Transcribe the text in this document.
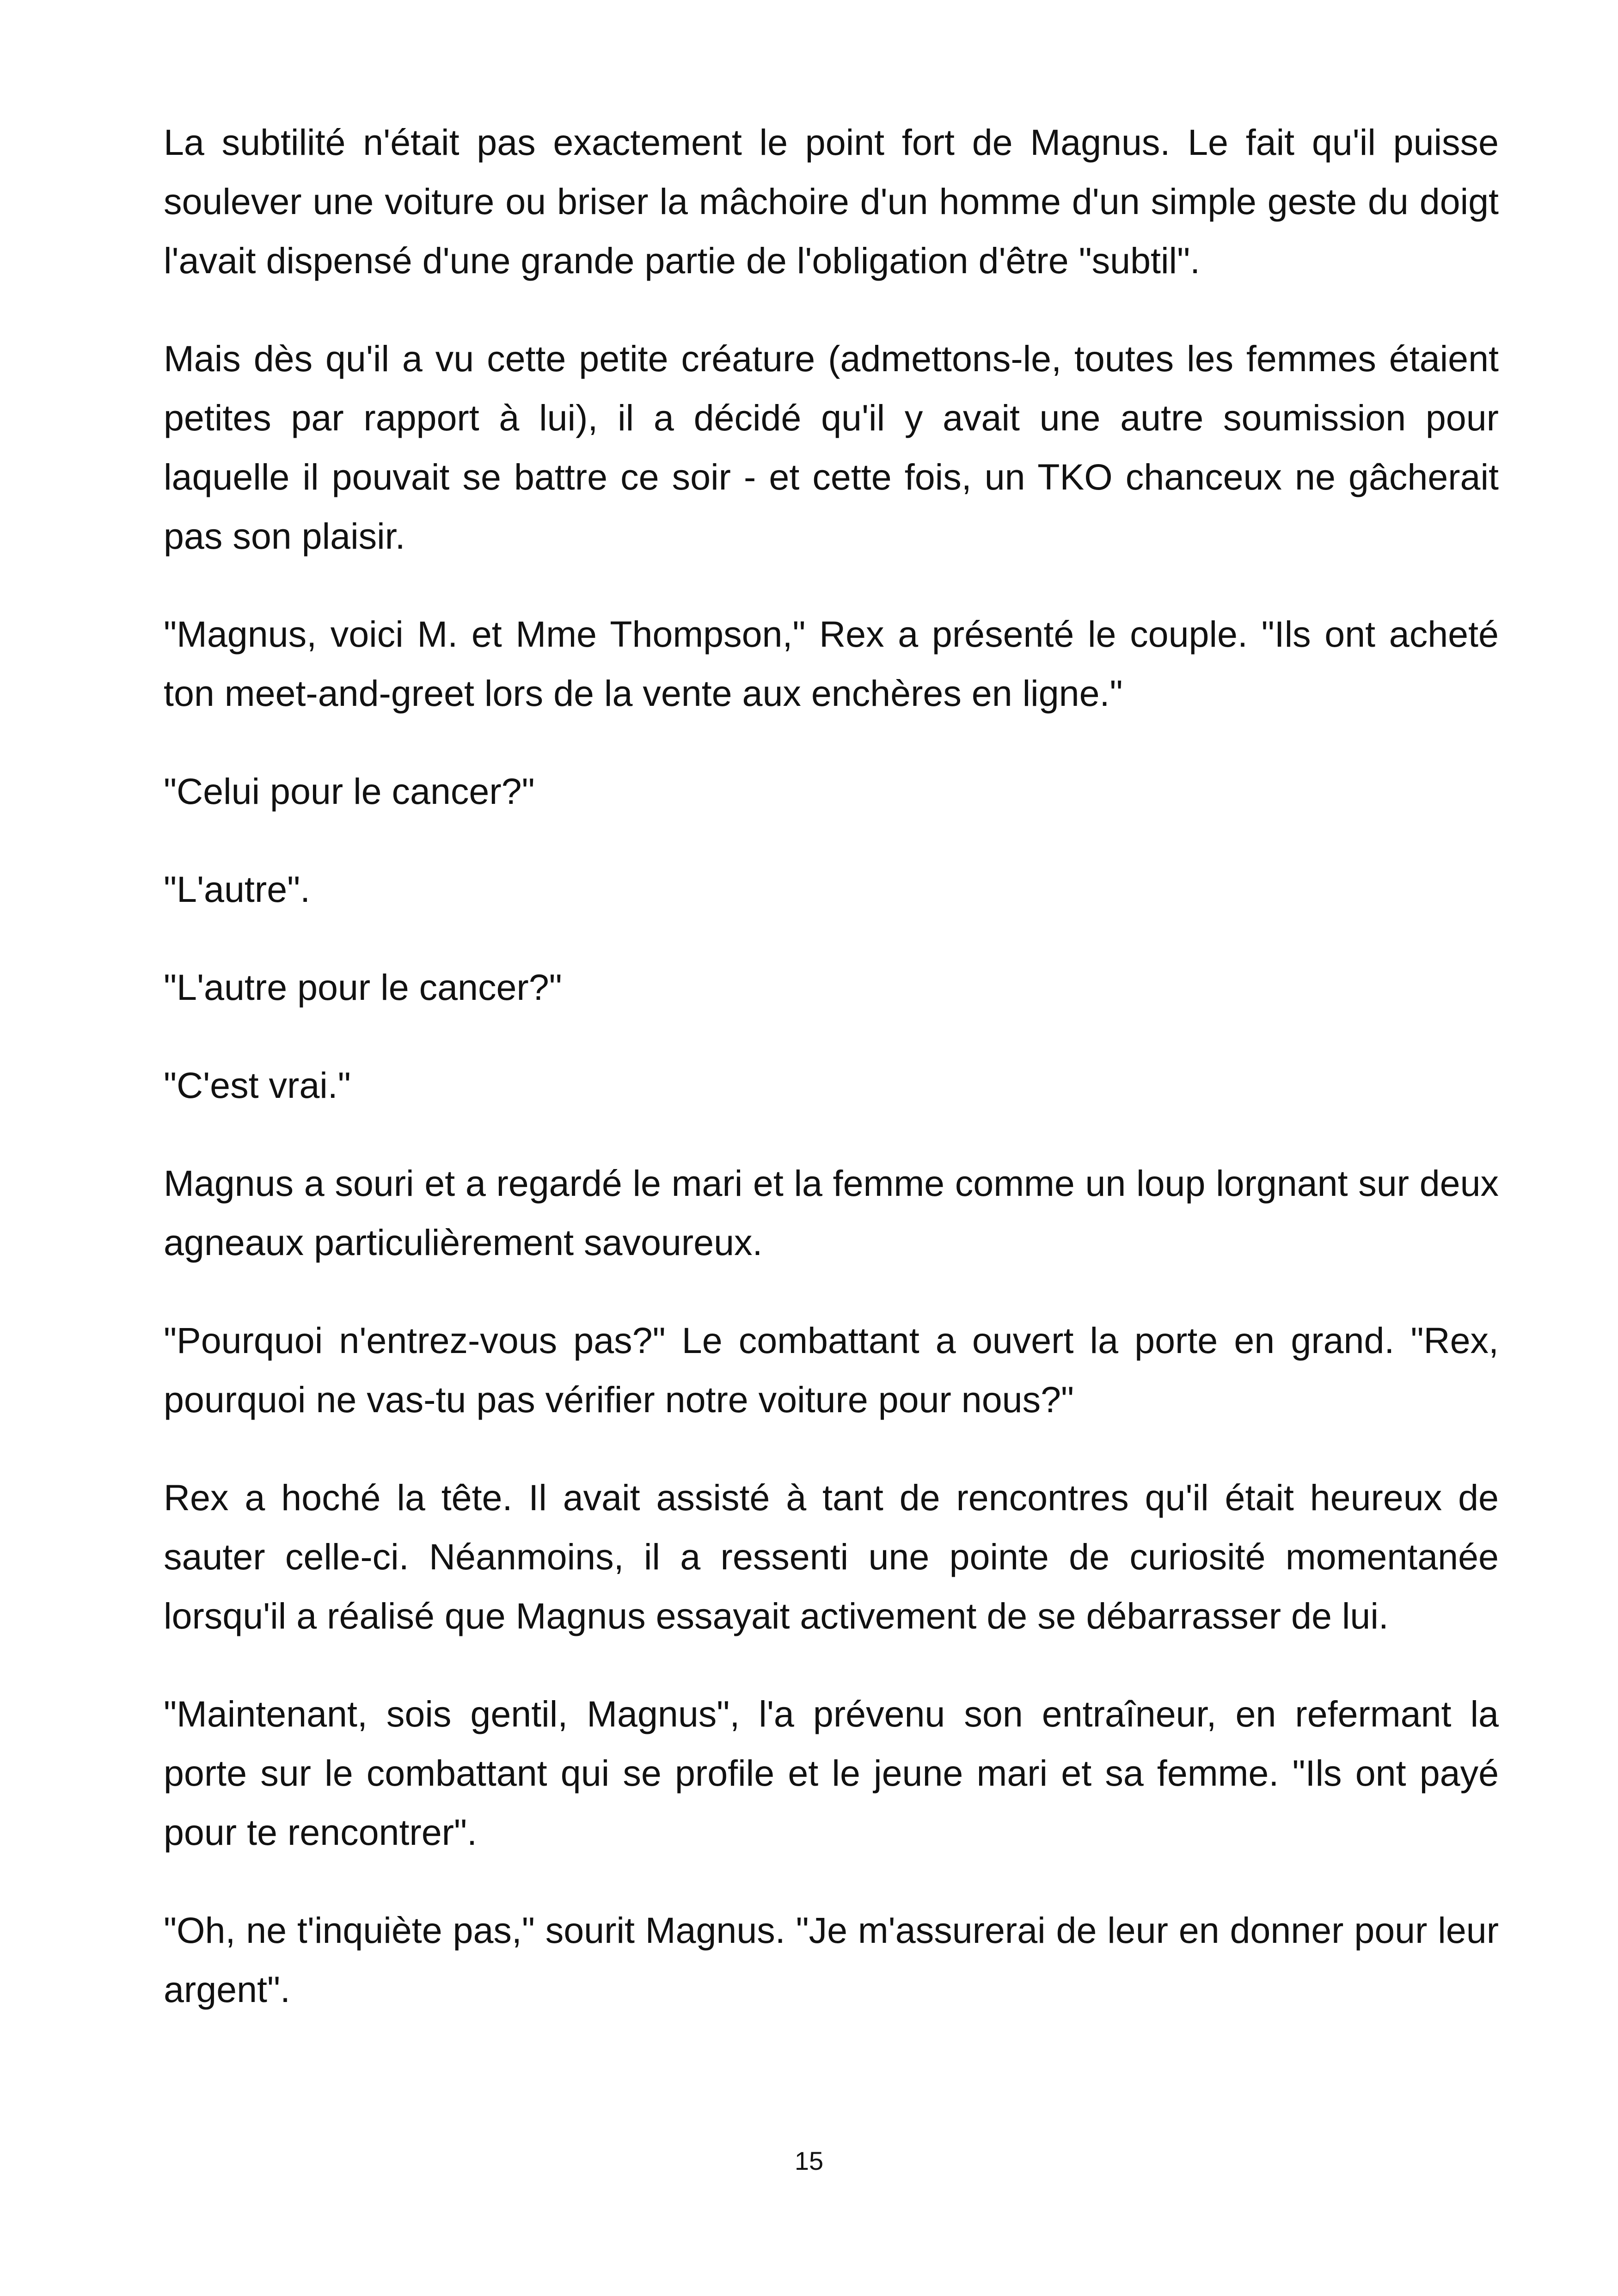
La subtilité n'était pas exactement le point fort de Magnus. Le fait qu'il puisse soulever une voiture ou briser la mâchoire d'un homme d'un simple geste du doigt l'avait dispensé d'une grande partie de l'obligation d'être "subtil".

Mais dès qu'il a vu cette petite créature (admettons-le, toutes les femmes étaient petites par rapport à lui), il a décidé qu'il y avait une autre soumission pour laquelle il pouvait se battre ce soir - et cette fois, un TKO chanceux ne gâcherait pas son plaisir.

"Magnus, voici M. et Mme Thompson," Rex a présenté le couple. "Ils ont acheté ton meet-and-greet lors de la vente aux enchères en ligne."

"Celui pour le cancer?"

"L'autre".

"L'autre pour le cancer?"

"C'est vrai."

Magnus a souri et a regardé le mari et la femme comme un loup lorgnant sur deux agneaux particulièrement savoureux.

"Pourquoi n'entrez-vous pas?" Le combattant a ouvert la porte en grand. "Rex, pourquoi ne vas-tu pas vérifier notre voiture pour nous?"

Rex a hoché la tête. Il avait assisté à tant de rencontres qu'il était heureux de sauter celle-ci. Néanmoins, il a ressenti une pointe de curiosité momentanée lorsqu'il a réalisé que Magnus essayait activement de se débarrasser de lui.

"Maintenant, sois gentil, Magnus", l'a prévenu son entraîneur, en refermant la porte sur le combattant qui se profile et le jeune mari et sa femme. "Ils ont payé pour te rencontrer".

"Oh, ne t'inquiète pas," sourit Magnus. "Je m'assurerai de leur en donner pour leur argent".

15
